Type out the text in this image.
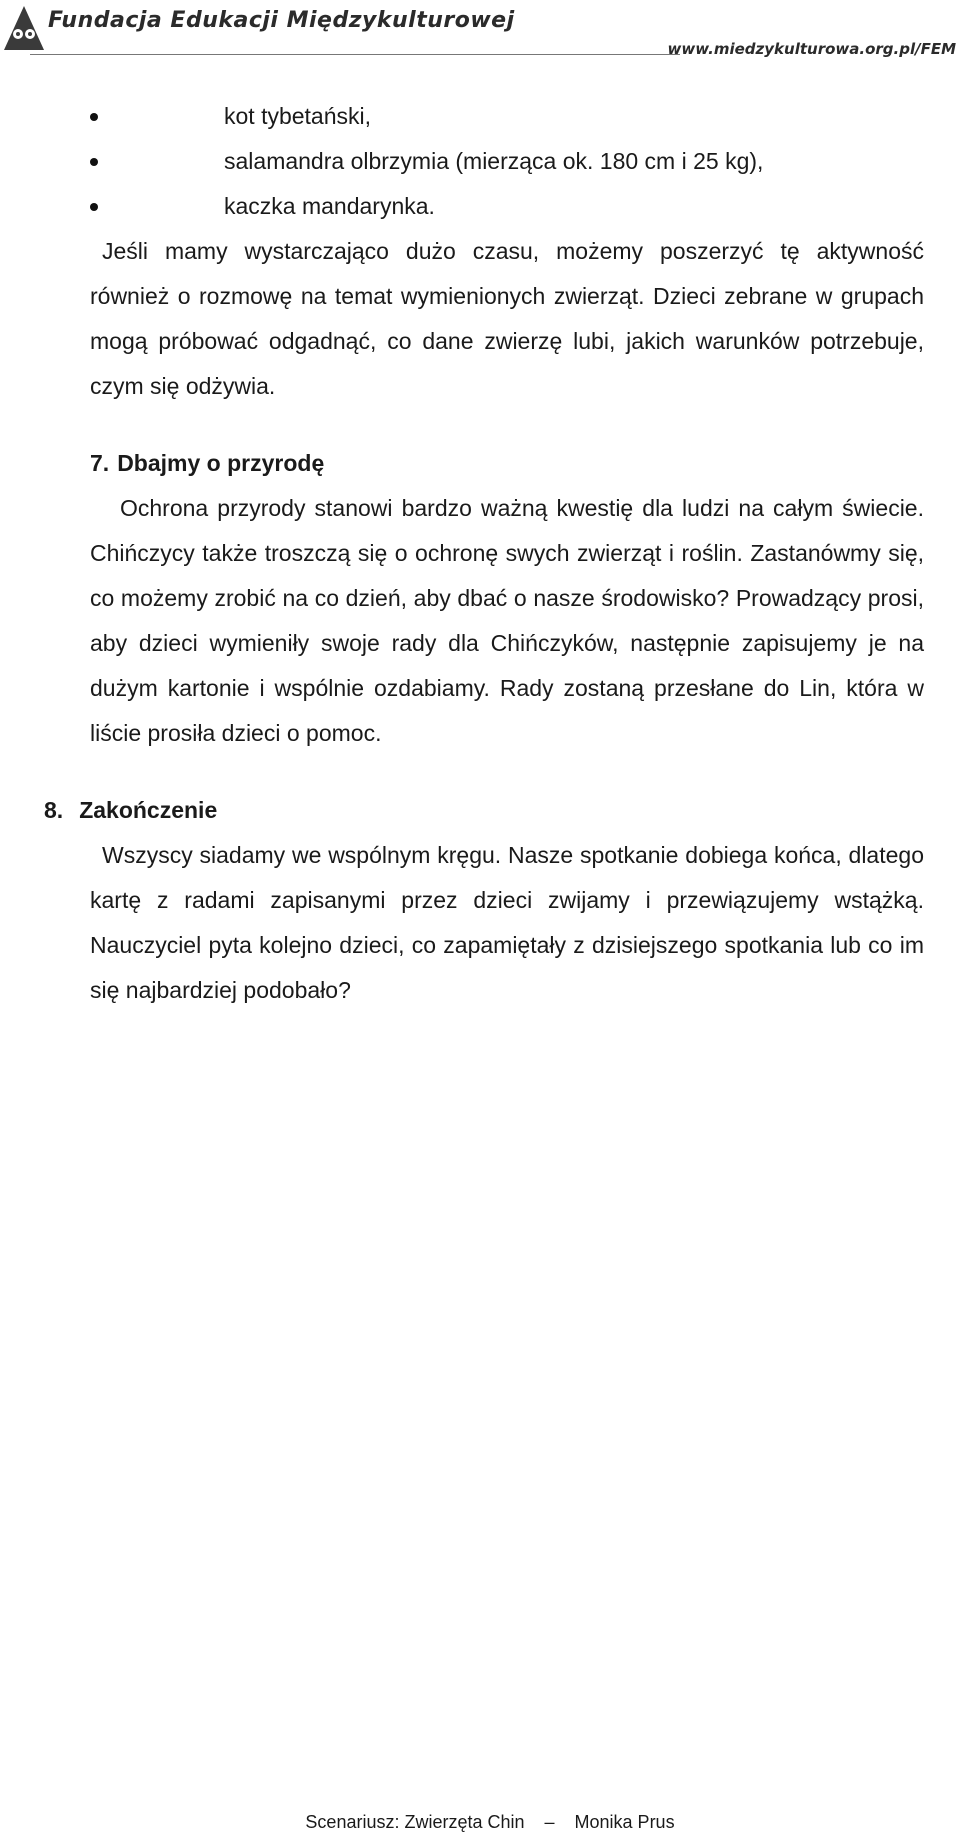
Fundacja Edukacji Międzykulturowej
www.miedzykulturowa.org.pl/FEM
kot tybetański,
salamandra olbrzymia (mierząca ok. 180 cm i 25 kg),
kaczka mandarynka.

Jeśli mamy wystarczająco dużo czasu, możemy poszerzyć tę aktywność również o rozmowę na temat wymienionych zwierząt. Dzieci zebrane w grupach mogą próbować odgadnąć, co dane zwierzę lubi, jakich warunków potrzebuje, czym się odżywia.

7. Dbajmy o przyrodę

Ochrona przyrody stanowi bardzo ważną kwestię dla ludzi na całym świecie. Chińczycy także troszczą się o ochronę swych zwierząt i roślin. Zastanówmy się, co możemy zrobić na co dzień, aby dbać o nasze środowisko? Prowadzący prosi, aby dzieci wymieniły swoje rady dla Chińczyków, następnie zapisujemy je na dużym kartonie i wspólnie ozdabiamy. Rady zostaną przesłane do Lin, która w liście prosiła dzieci o pomoc.

8. Zakończenie

Wszyscy siadamy we wspólnym kręgu. Nasze spotkanie dobiega końca, dlatego kartę z radami zapisanymi przez dzieci zwijamy i przewiązujemy wstążką. Nauczyciel pyta kolejno dzieci, co zapamiętały z dzisiejszego spotkania lub co im się najbardziej podobało?

Scenariusz: Zwierzęta Chin – Monika Prus
